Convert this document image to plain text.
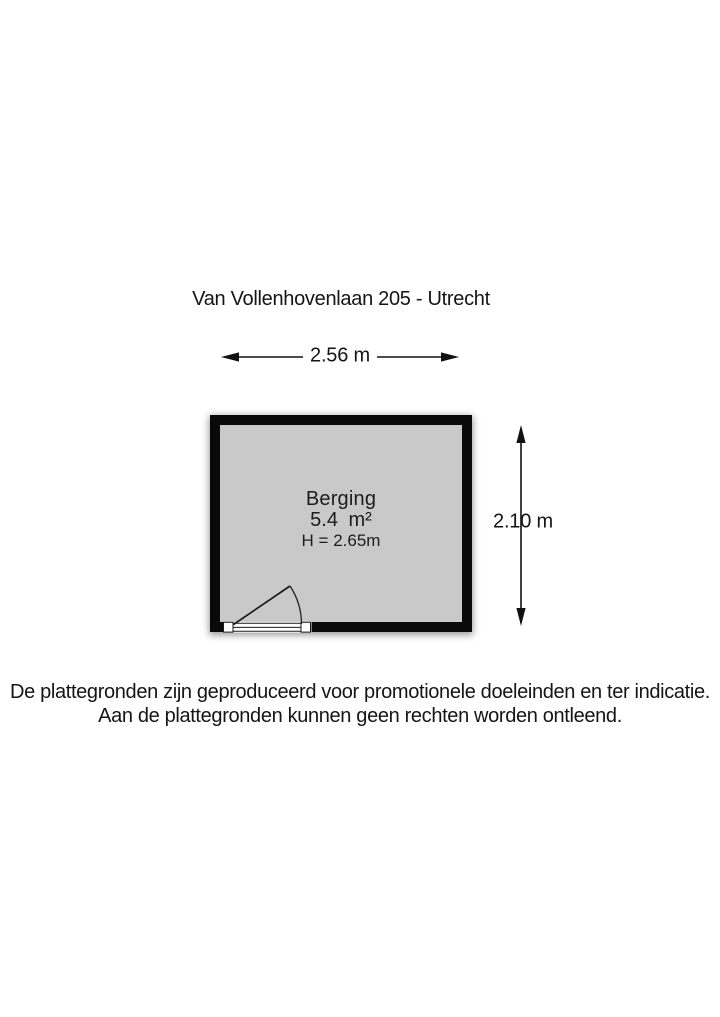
Van Vollenhovenlaan 205 - Utrecht
Berging
5.4 m²
H = 2.65m
2.56 m
2.10 m
De plattegronden zijn geproduceerd voor promotionele doeleinden en ter indicatie.
Aan de plattegronden kunnen geen rechten worden ontleend.
